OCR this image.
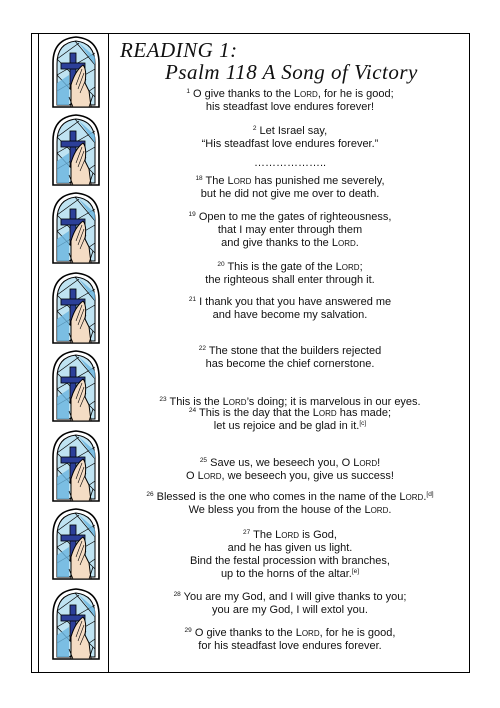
READING 1:
Psalm 118 A Song of Victory
$^1$ O give thanks to the Lord, for he is good;
his steadfast love endures forever!
$^2$ Let Israel say,
“His steadfast love endures forever.”
………………..
$^{18}$ The Lord has punished me severely,
but he did not give me over to death.
$^{19}$ Open to me the gates of righteousness,
that I may enter through them
and give thanks to the Lord.
$^{20}$ This is the gate of the Lord;
the righteous shall enter through it.
$^{21}$ I thank you that you have answered me
and have become my salvation.
$^{22}$ The stone that the builders rejected
has become the chief cornerstone.
$^{23}$ This is the Lord’s doing; it is marvelous in our eyes.
$^{24}$ This is the day that the Lord has made;
let us rejoice and be glad in it.[c]
$^{25}$ Save us, we beseech you, O Lord!
O Lord, we beseech you, give us success!
$^{26}$ Blessed is the one who comes in the name of the Lord.[d]
We bless you from the house of the Lord.
$^{27}$ The Lord is God,
and he has given us light.
Bind the festal procession with branches,
up to the horns of the altar.[e]
$^{28}$ You are my God, and I will give thanks to you;
you are my God, I will extol you.
$^{29}$ O give thanks to the Lord, for he is good,
for his steadfast love endures forever.
